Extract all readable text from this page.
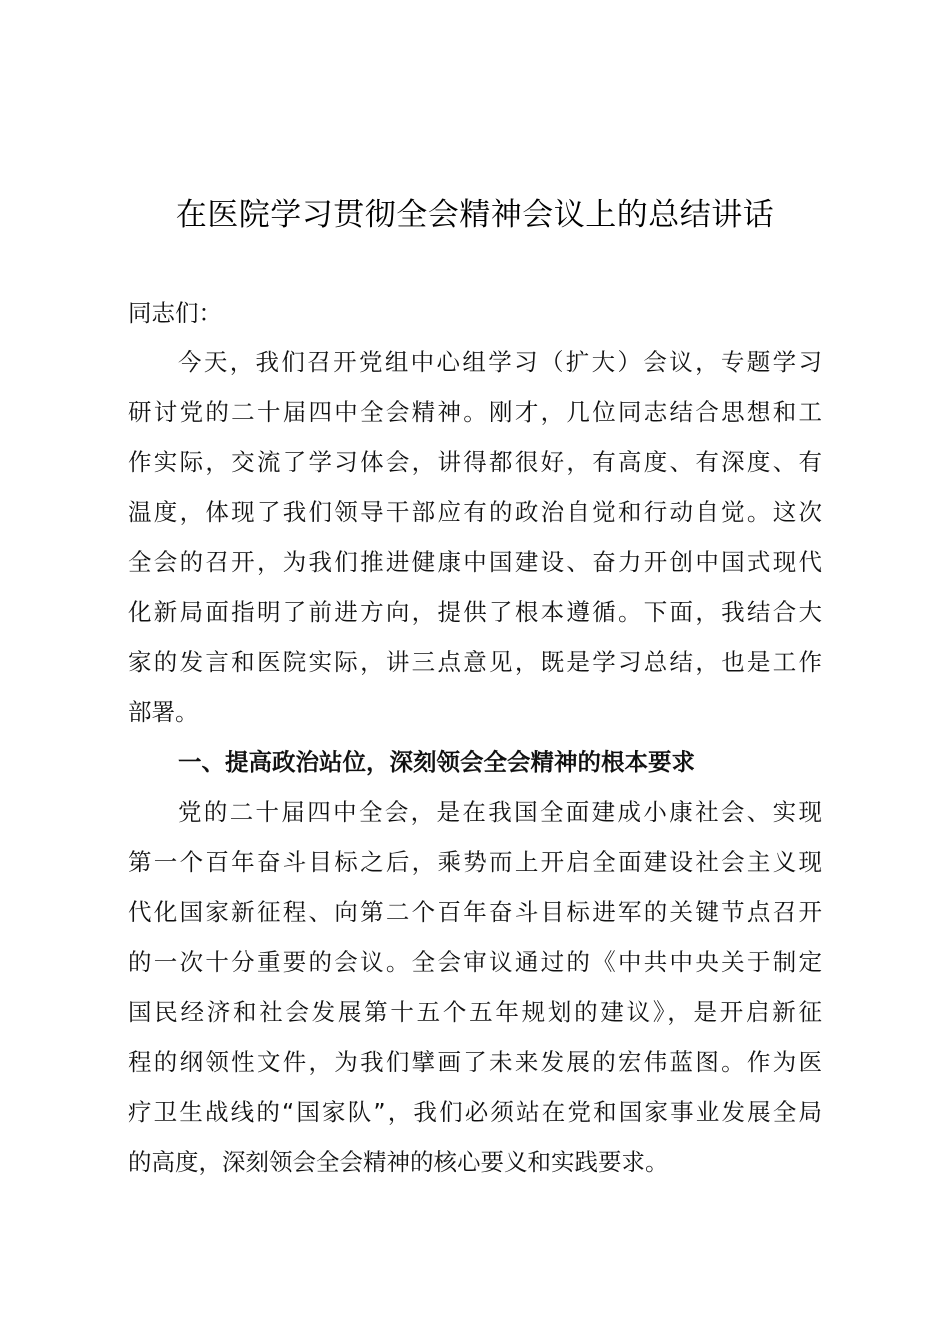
在医院学习贯彻全会精神会议上的总结讲话
同志们：
今天，我们召开党组中心组学习（扩大）会议，专题学习
研讨党的二十届四中全会精神。刚才，几位同志结合思想和工
作实际，交流了学习体会，讲得都很好，有高度、有深度、有
温度，体现了我们领导干部应有的政治自觉和行动自觉。这次
全会的召开，为我们推进健康中国建设、奋力开创中国式现代
化新局面指明了前进方向，提供了根本遵循。下面，我结合大
家的发言和医院实际，讲三点意见，既是学习总结，也是工作
部署。
一、提高政治站位，深刻领会全会精神的根本要求
党的二十届四中全会，是在我国全面建成小康社会、实现
第一个百年奋斗目标之后，乘势而上开启全面建设社会主义现
代化国家新征程、向第二个百年奋斗目标进军的关键节点召开
的一次十分重要的会议。全会审议通过的《中共中央关于制定
国民经济和社会发展第十五个五年规划的建议》，是开启新征
程的纲领性文件，为我们擘画了未来发展的宏伟蓝图。作为医
疗卫生战线的“国家队”，我们必须站在党和国家事业发展全局
的高度，深刻领会全会精神的核心要义和实践要求。
